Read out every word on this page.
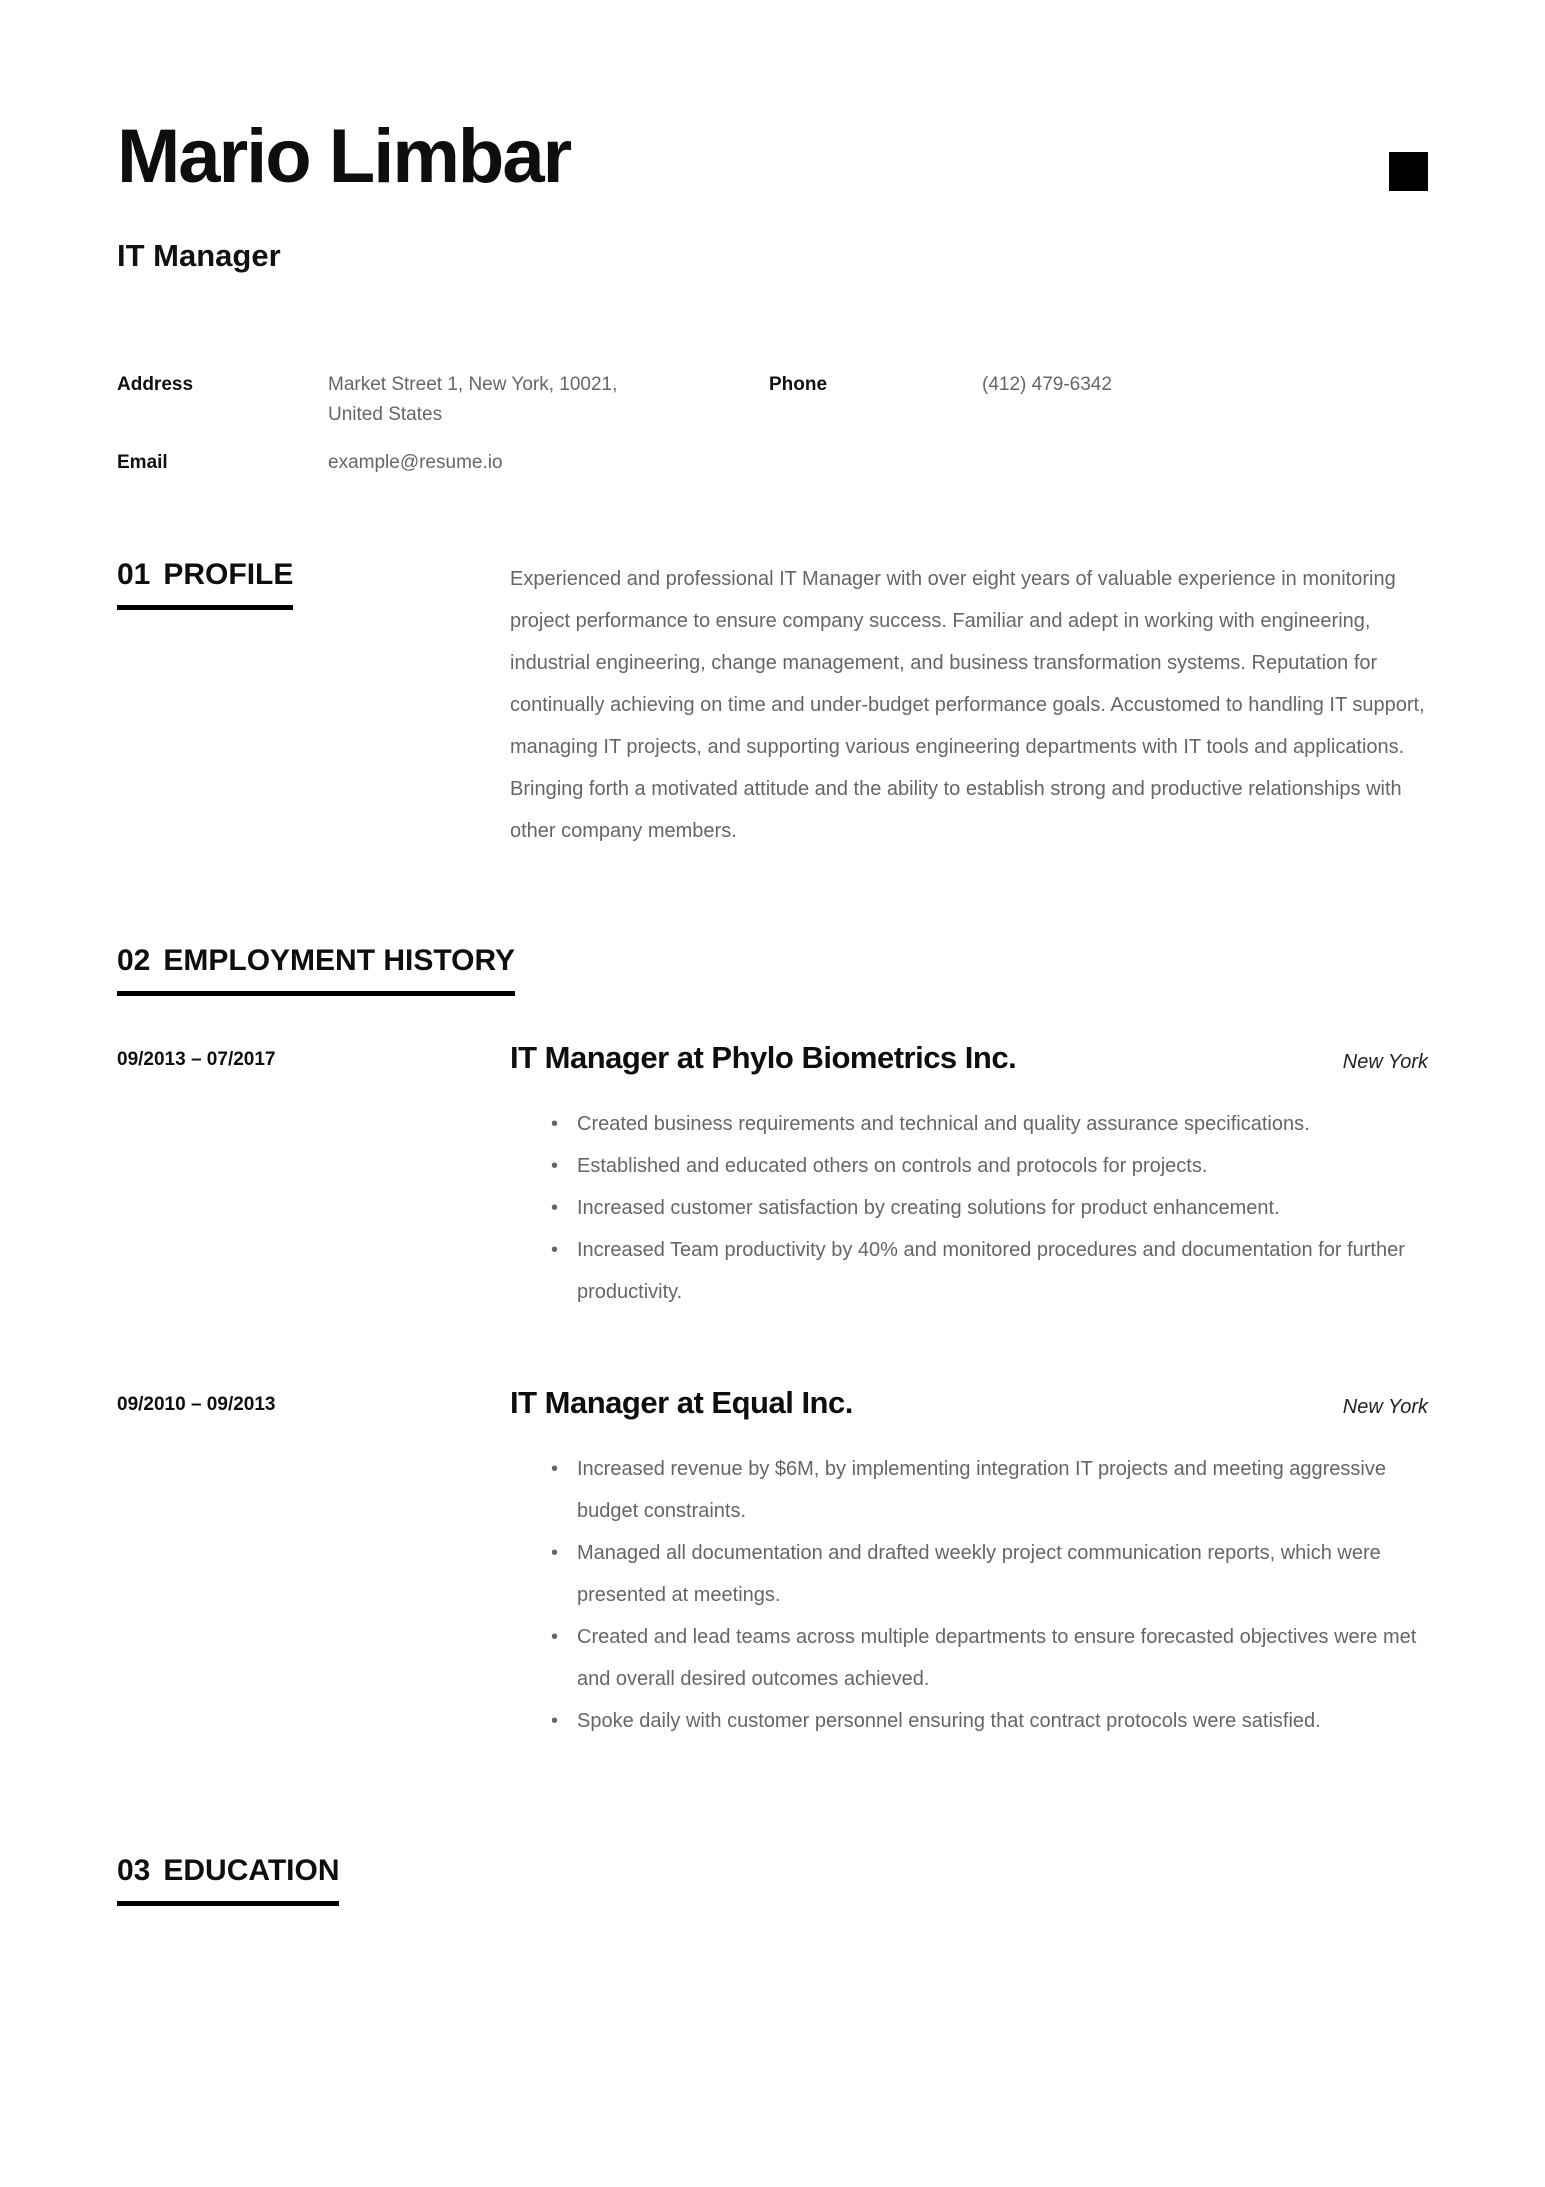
Mario Limbar
IT Manager
Address	Market Street 1, New York, 10021,
United States
Phone	(412) 479-6342
Email	example@resume.io
01 PROFILE	Experienced and professional IT Manager with over eight years of valuable experience in monitoring project performance to ensure company success. Familiar and adept in working with engineering, industrial engineering, change management, and business transformation systems. Reputation for continually achieving on time and under-budget performance goals. Accustomed to handling IT support, managing IT projects, and supporting various engineering departments with IT tools and applications. Bringing forth a motivated attitude and the ability to establish strong and productive relationships with other company members.

02 EMPLOYMENT HISTORY
09/2013 – 07/2017	IT Manager at Phylo Biometrics Inc.	New York
• Created business requirements and technical and quality assurance specifications.
• Established and educated others on controls and protocols for projects.
• Increased customer satisfaction by creating solutions for product enhancement.
• Increased Team productivity by 40% and monitored procedures and documentation for further productivity.
09/2010 – 09/2013	IT Manager at Equal Inc.	New York
• Increased revenue by $6M, by implementing integration IT projects and meeting aggressive budget constraints.
• Managed all documentation and drafted weekly project communication reports, which were presented at meetings.
• Created and lead teams across multiple departments to ensure forecasted objectives were met and overall desired outcomes achieved.
• Spoke daily with customer personnel ensuring that contract protocols were satisfied.
03 EDUCATION
